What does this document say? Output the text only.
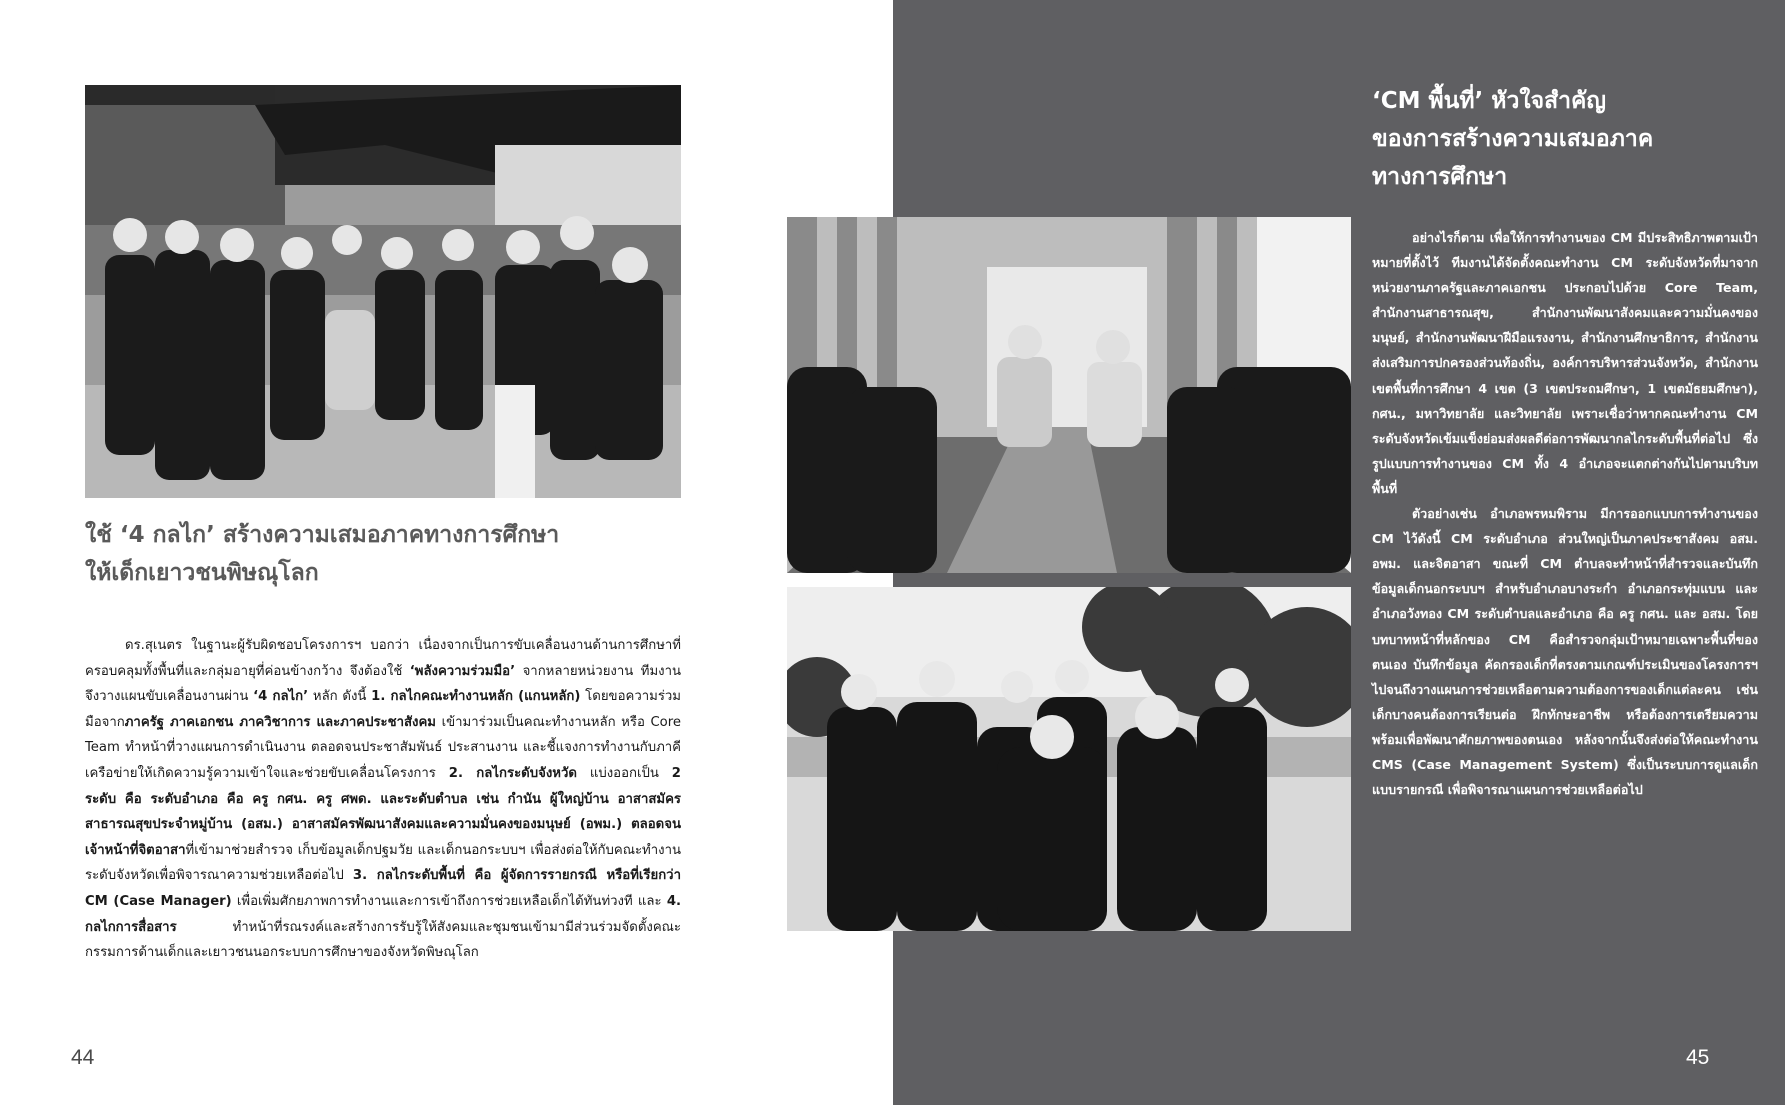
ใช้ ‘4 กลไก’ สร้างความเสมอภาคทางการศึกษา
ให้เด็กเยาวชนพิษณุโลก
ดร.สุเนตร ในฐานะผู้รับผิดชอบโครงการฯ บอกว่า เนื่องจากเป็นการขับเคลื่อนงานด้านการศึกษาที่ครอบคลุมทั้งพื้นที่และกลุ่มอายุที่ค่อนข้างกว้าง จึงต้องใช้ ‘พลังความร่วมมือ’ จากหลายหน่วยงาน ทีมงานจึงวางแผนขับเคลื่อนงานผ่าน ‘4 กลไก’ หลัก ดังนี้ 1. กลไกคณะทำงานหลัก (แกนหลัก) โดยขอความร่วมมือจากภาครัฐ ภาคเอกชน ภาควิชาการ และภาคประชาสังคม เข้ามาร่วมเป็นคณะทำงานหลัก หรือ Core Team ทำหน้าที่วางแผนการดำเนินงาน ตลอดจนประชาสัมพันธ์ ประสานงาน และชี้แจงการทำงานกับภาคีเครือข่ายให้เกิดความรู้ความเข้าใจและช่วยขับเคลื่อนโครงการ 2. กลไกระดับจังหวัด แบ่งออกเป็น 2 ระดับ คือ ระดับอำเภอ คือ ครู กศน. ครู ศพด. และระดับตำบล เช่น กำนัน ผู้ใหญ่บ้าน อาสาสมัครสาธารณสุขประจำหมู่บ้าน (อสม.) อาสาสมัครพัฒนาสังคมและความมั่นคงของมนุษย์ (อพม.) ตลอดจนเจ้าหน้าที่จิตอาสาที่เข้ามาช่วยสำรวจ เก็บข้อมูลเด็กปฐมวัย และเด็กนอกระบบฯ เพื่อส่งต่อให้กับคณะทำงานระดับจังหวัดเพื่อพิจารณาความช่วยเหลือต่อไป 3. กลไกระดับพื้นที่ คือ ผู้จัดการรายกรณี หรือที่เรียกว่า CM (Case Manager) เพื่อเพิ่มศักยภาพการทำงานและการเข้าถึงการช่วยเหลือเด็กได้ทันท่วงที และ 4. กลไกการสื่อสาร ทำหน้าที่รณรงค์และสร้างการรับรู้ให้สังคมและชุมชนเข้ามามีส่วนร่วมจัดตั้งคณะกรรมการด้านเด็กและเยาวชนนอกระบบการศึกษาของจังหวัดพิษณุโลก
44
‘CM พื้นที่’ หัวใจสำคัญ
ของการสร้างความเสมอภาค
ทางการศึกษา

อย่างไรก็ตาม เพื่อให้การทำงานของ CM มีประสิทธิภาพตามเป้าหมายที่ตั้งไว้ ทีมงานได้จัดตั้งคณะทำงาน CM ระดับจังหวัดที่มาจากหน่วยงานภาครัฐและภาคเอกชน ประกอบไปด้วย Core Team, สำนักงานสาธารณสุข, สำนักงานพัฒนาสังคมและความมั่นคงของมนุษย์, สำนักงานพัฒนาฝีมือแรงงาน, สำนักงานศึกษาธิการ, สำนักงานส่งเสริมการปกครองส่วนท้องถิ่น, องค์การบริหารส่วนจังหวัด, สำนักงานเขตพื้นที่การศึกษา 4 เขต (3 เขตประถมศึกษา, 1 เขตมัธยมศึกษา), กศน., มหาวิทยาลัย และวิทยาลัย เพราะเชื่อว่าหากคณะทำงาน CM ระดับจังหวัดเข้มแข็งย่อมส่งผลดีต่อการพัฒนากลไกระดับพื้นที่ต่อไป ซึ่งรูปแบบการทำงานของ CM ทั้ง 4 อำเภอจะแตกต่างกันไปตามบริบทพื้นที่

ตัวอย่างเช่น อำเภอพรหมพิราม มีการออกแบบการทำงานของ CM ไว้ดังนี้ CM ระดับอำเภอ ส่วนใหญ่เป็นภาคประชาสังคม อสม. อพม. และจิตอาสา ขณะที่ CM ตำบลจะทำหน้าที่สำรวจและบันทึกข้อมูลเด็กนอกระบบฯ สำหรับอำเภอบางระกำ อำเภอกระทุ่มแบน และอำเภอวังทอง CM ระดับตำบลและอำเภอ คือ ครู กศน. และ อสม. โดยบทบาทหน้าที่หลักของ CM คือสำรวจกลุ่มเป้าหมายเฉพาะพื้นที่ของตนเอง บันทึกข้อมูล คัดกรองเด็กที่ตรงตามเกณฑ์ประเมินของโครงการฯ ไปจนถึงวางแผนการช่วยเหลือตามความต้องการของเด็กแต่ละคน เช่น เด็กบางคนต้องการเรียนต่อ ฝึกทักษะอาชีพ หรือต้องการเตรียมความพร้อมเพื่อพัฒนาศักยภาพของตนเอง หลังจากนั้นจึงส่งต่อให้คณะทำงาน CMS (Case Management System) ซึ่งเป็นระบบการดูแลเด็กแบบรายกรณี เพื่อพิจารณาแผนการช่วยเหลือต่อไป

45
